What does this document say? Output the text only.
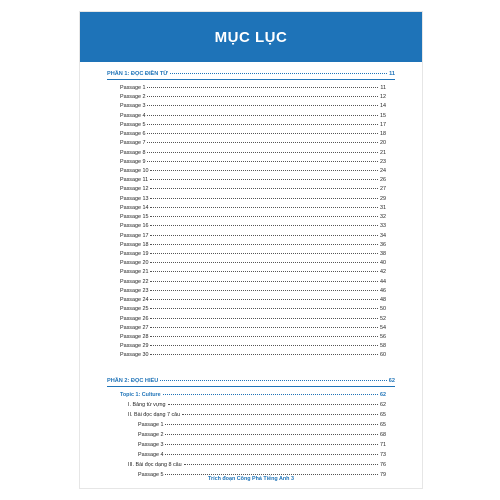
MỤC LỤC
PHẦN 1: ĐỌC ĐIỀN TỪ	11
Passage 1	11
Passage 2	12
Passage 3	14
Passage 4	15
Passage 5	17
Passage 6	18
Passage 7	20
Passage 8	21
Passage 9	23
Passage 10	24
Passage 11	26
Passage 12	27
Passage 13	29
Passage 14	31
Passage 15	32
Passage 16	33
Passage 17	34
Passage 18	36
Passage 19	38
Passage 20	40
Passage 21	42
Passage 22	44
Passage 23	46
Passage 24	48
Passage 25	50
Passage 26	52
Passage 27	54
Passage 28	56
Passage 29	58
Passage 30	60
PHẦN 2: ĐỌC HIỂU	62
Topic 1: Culture	62
I. Bảng từ vựng	62
II. Bài đọc dạng 7 câu	65
Passage 1	65
Passage 2	68
Passage 3	71
Passage 4	73
III. Bài đọc dạng 8 câu	76
Passage 5	79
Trích đoạn Công Phá Tiếng Anh 3
